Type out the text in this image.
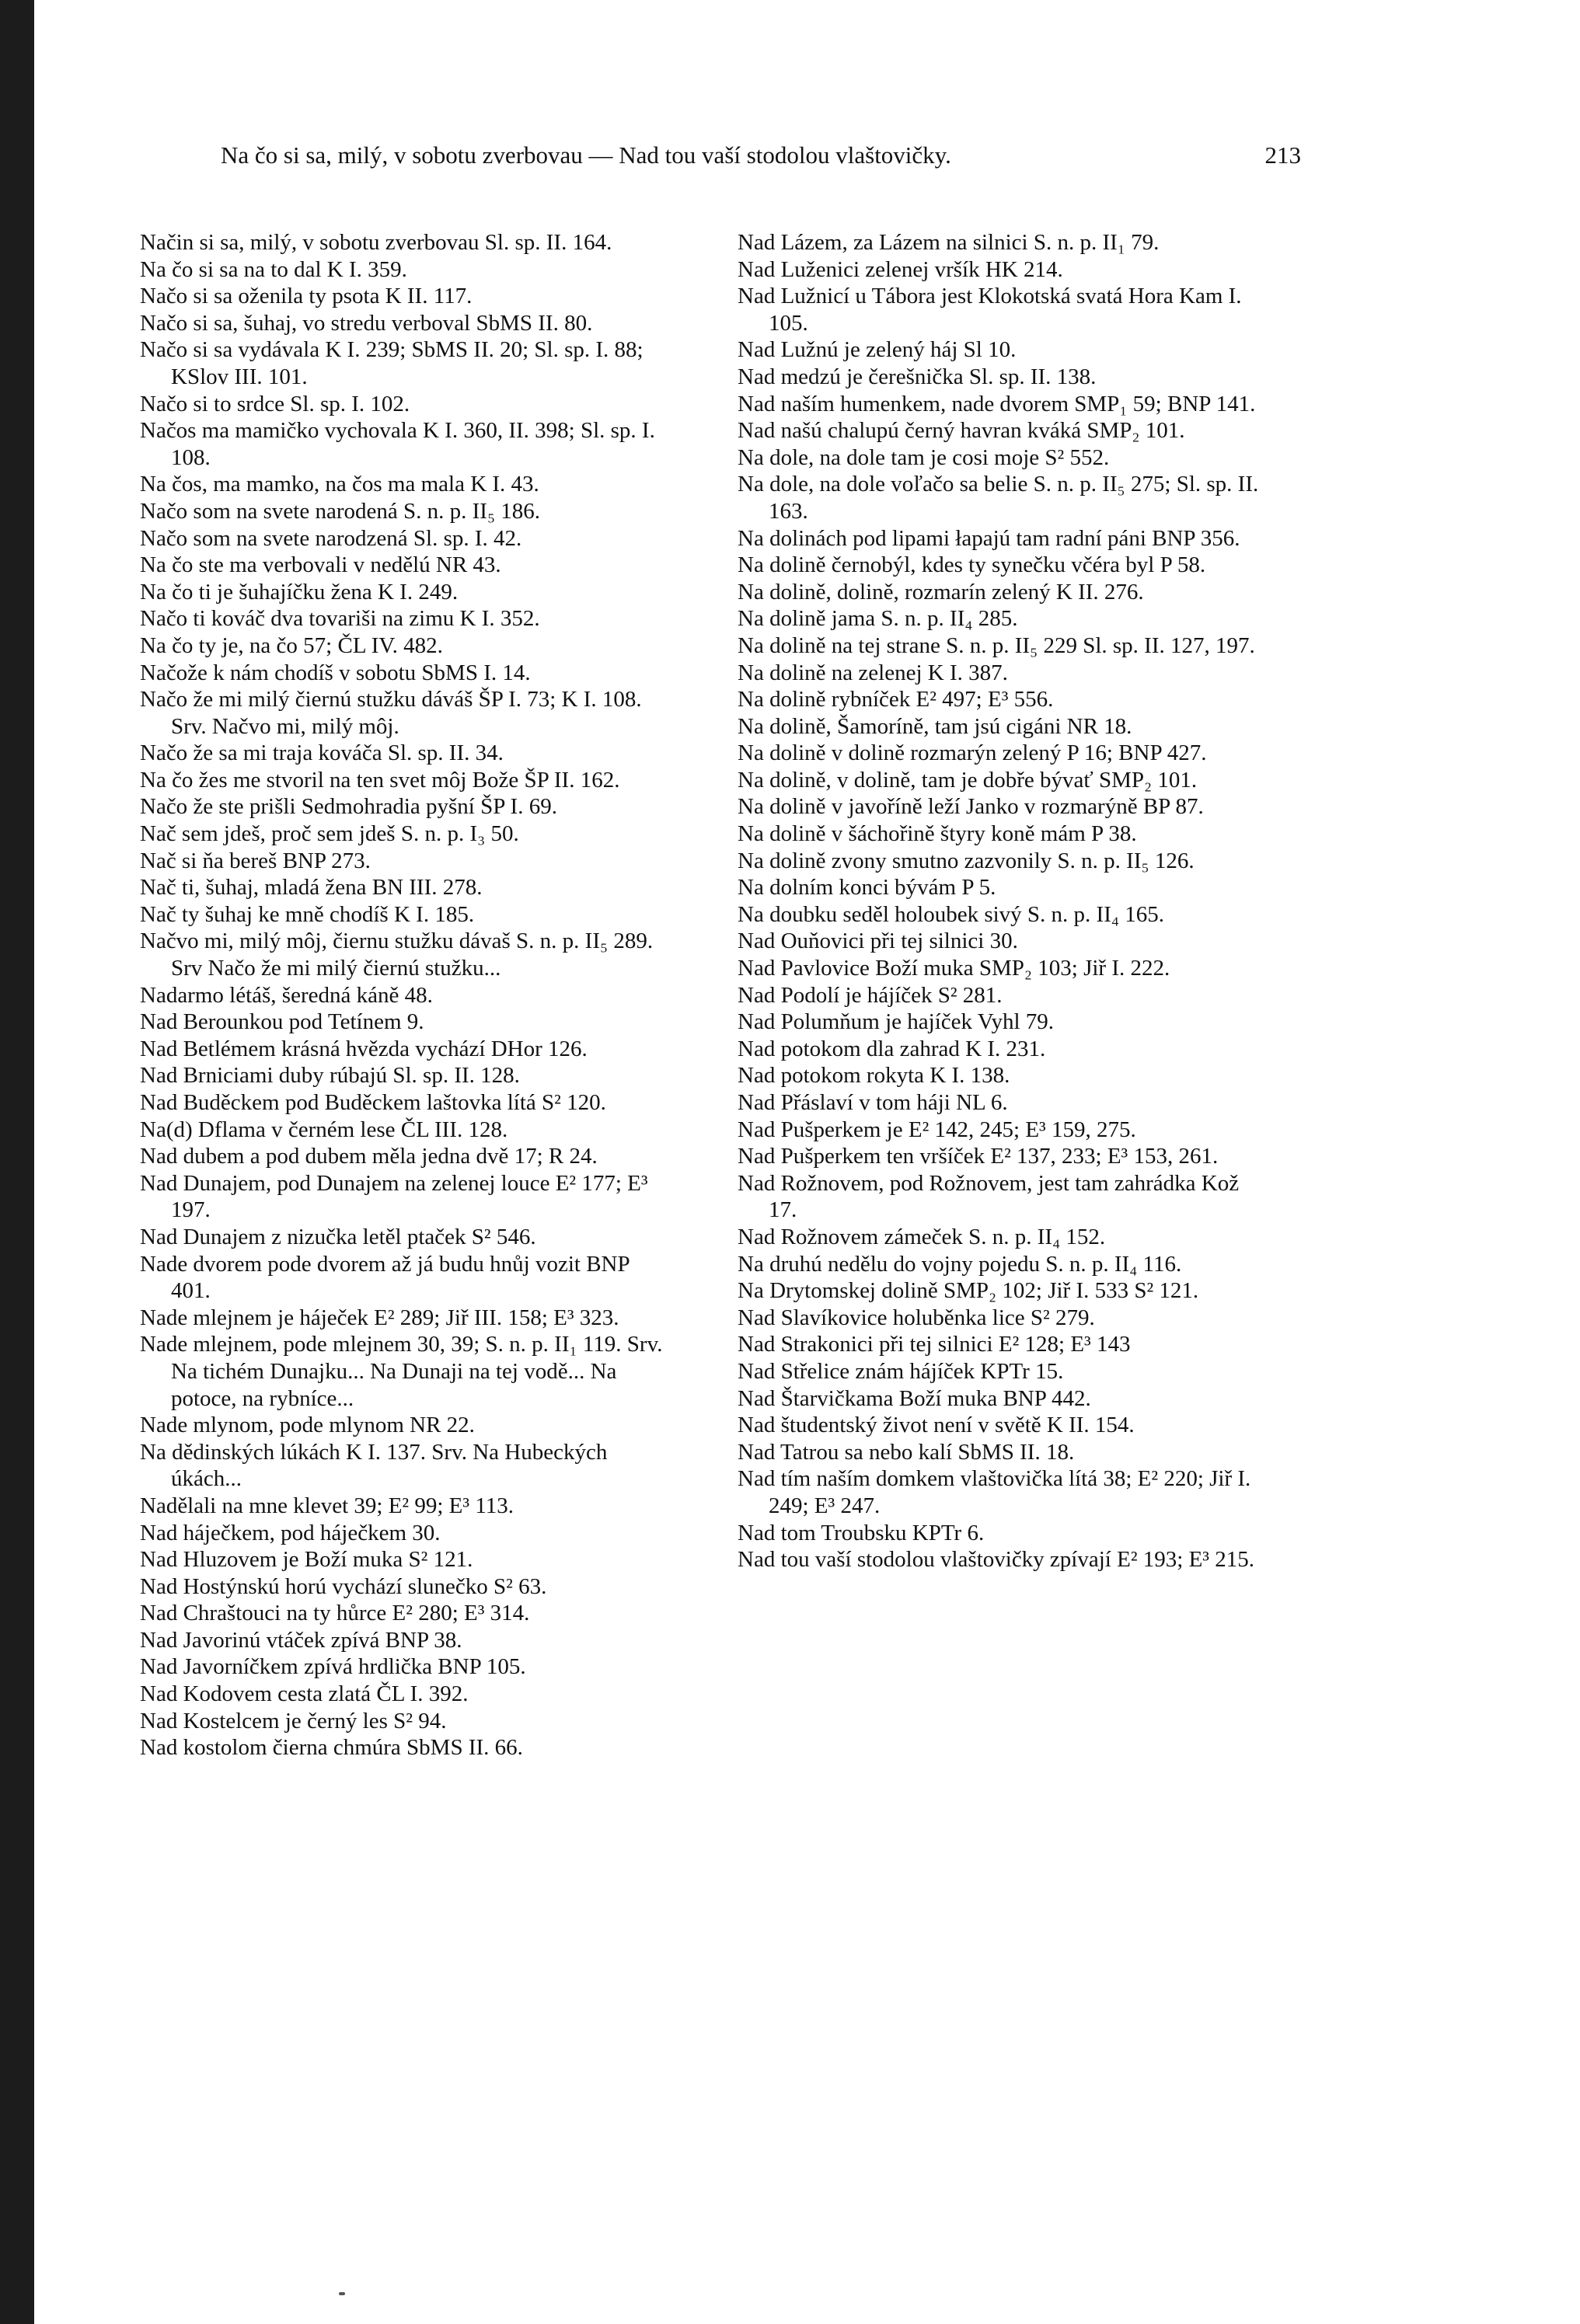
Na čo si sa, milý, v sobotu zverbovau — Nad tou vaší stodolou vlaštovičky.	213

Način si sa, milý, v sobotu zverbovau Sl. sp. II. 164.

Na čo si sa na to dal K I. 359.

Načo si sa oženila ty psota K II. 117.

Načo si sa, šuhaj, vo stredu verboval SbMS II. 80.

Načo si sa vydávala K I. 239; SbMS II. 20; Sl. sp. I. 88; KSlov III. 101.

Načo si to srdce Sl. sp. I. 102.

Načos ma mamičko vychovala K I. 360, II. 398; Sl. sp. I. 108.

Na čos, ma mamko, na čos ma mala K I. 43.

Načo som na svete narodená S. n. p. II₅ 186.

Načo som na svete narodzená Sl. sp. I. 42.

Na čo ste ma verbovali v nedělú NR 43.

Na čo ti je šuhajíčku žena K I. 249.

Načo ti kováč dva tovariši na zimu K I. 352.

Na čo ty je, na čo 57; ČL IV. 482.

Načože k nám chodíš v sobotu SbMS I. 14.

Načo že mi milý čiernú stužku dáváš ŠP I. 73; K I. 108. Srv. Načvo mi, milý môj.

Načo že sa mi traja kováča Sl. sp. II. 34.

Na čo žes me stvoril na ten svet môj Bože ŠP II. 162.

Načo že ste prišli Sedmohradia pyšní ŠP I. 69.

Nač sem jdeš, proč sem jdeš S. n. p. I₃ 50.

Nač si ňa bereš BNP 273.

Nač ti, šuhaj, mladá žena BN III. 278.

Nač ty šuhaj ke mně chodíš K I. 185.

Načvo mi, milý môj, čiernu stužku dávaš S. n. p. II₅ 289. Srv Načo že mi milý čiernú stužku...

Nadarmo létáš, šeredná káně 48.

Nad Berounkou pod Tetínem 9.

Nad Betlémem krásná hvězda vychází DHor 126.

Nad Brniciami duby rúbajú Sl. sp. II. 128.

Nad Buděckem pod Buděckem laštovka lítá S² 120.

Na(d) Dflama v černém lese ČL III. 128.

Nad dubem a pod dubem měla jedna dvě 17; R 24.

Nad Dunajem, pod Dunajem na zelenej louce E² 177; E³ 197.

Nad Dunajem z nizučka letěl ptaček S² 546.

Nade dvorem pode dvorem až já budu hnůj vozit BNP 401.

Nade mlejnem je háječek E² 289; Jiř III. 158; E³ 323.

Nade mlejnem, pode mlejnem 30, 39; S. n. p. II₁ 119. Srv. Na tichém Dunajku... Na Dunaji na tej vodě... Na potoce, na rybníce...

Nade mlynom, pode mlynom NR 22.

Na dědinských lúkách K I. 137. Srv. Na Hubeckých úkách...

Nadělali na mne klevet 39; E² 99; E³ 113.

Nad háječkem, pod háječkem 30.

Nad Hluzovem je Boží muka S² 121.

Nad Hostýnskú horú vychází slunečko S² 63.

Nad Chraštouci na ty hůrce E² 280; E³ 314.

Nad Javorinú vtáček zpívá BNP 38.

Nad Javorníčkem zpívá hrdlička BNP 105.

Nad Kodovem cesta zlatá ČL I. 392.

Nad Kostelcem je černý les S² 94.

Nad kostolom čierna chmúra SbMS II. 66.

Nad Lázem, za Lázem na silnici S. n. p. II₁ 79.

Nad Luženici zelenej vršík HK 214.

Nad Lužnicí u Tábora jest Klokotská svatá Hora Kam I. 105.

Nad Lužnú je zelený háj Sl 10.

Nad medzú je čerešnička Sl. sp. II. 138.

Nad naším humenkem, nade dvorem SMP₁ 59; BNP 141.

Nad našú chalupú černý havran kváká SMP₂ 101.

Na dole, na dole tam je cosi moje S² 552.

Na dole, na dole voľačo sa belie S. n. p. II₅ 275; Sl. sp. II. 163.

Na dolinách pod lipami łapajú tam radní páni BNP 356.

Na dolině černobýl, kdes ty synečku včéra byl P 58.

Na dolině, dolině, rozmarín zelený K II. 276.

Na dolině jama S. n. p. II₄ 285.

Na dolině na tej strane S. n. p. II₅ 229 Sl. sp. II. 127, 197.

Na dolině na zelenej K I. 387.

Na dolině rybníček E² 497; E³ 556.

Na dolině, Šamoríně, tam jsú cigáni NR 18.

Na dolině v dolině rozmarýn zelený P 16; BNP 427.

Na dolině, v dolině, tam je dobře bývať SMP₂ 101.

Na dolině v javoříně leží Janko v rozmarýně BP 87.

Na dolině v šáchořině štyry koně mám P 38.

Na dolině zvony smutno zazvonily S. n. p. II₅ 126.

Na dolním konci bývám P 5.

Na doubku seděl holoubek sivý S. n. p. II₄ 165.

Nad Ouňovici při tej silnici 30.

Nad Pavlovice Boží muka SMP₂ 103; Jiř I. 222.

Nad Podolí je hájíček S² 281.

Nad Polumňum je hajíček Vyhl 79.

Nad potokom dla zahrad K I. 231.

Nad potokom rokyta K I. 138.

Nad Přáslaví v tom háji NL 6.

Nad Pušperkem je E² 142, 245; E³ 159, 275.

Nad Pušperkem ten vršíček E² 137, 233; E³ 153, 261.

Nad Rožnovem, pod Rožnovem, jest tam zahrádka Kož 17.

Nad Rožnovem zámeček S. n. p. II₄ 152.

Na druhú nedělu do vojny pojedu S. n. p. II₄ 116.

Na Drytomskej dolině SMP₂ 102; Jiř I. 533 S² 121.

Nad Slavíkovice holuběnka lice S² 279.

Nad Strakonici při tej silnici E² 128; E³ 143

Nad Střelice znám hájíček KPTr 15.

Nad Štarvičkama Boží muka BNP 442.

Nad študentský život není v světě K II. 154.

Nad Tatrou sa nebo kalí SbMS II. 18.

Nad tím naším domkem vlaštovička lítá 38; E² 220; Jiř I. 249; E³ 247.

Nad tom Troubsku KPTr 6.

Nad tou vaší stodolou vlaštovičky zpívají E² 193; E³ 215.
